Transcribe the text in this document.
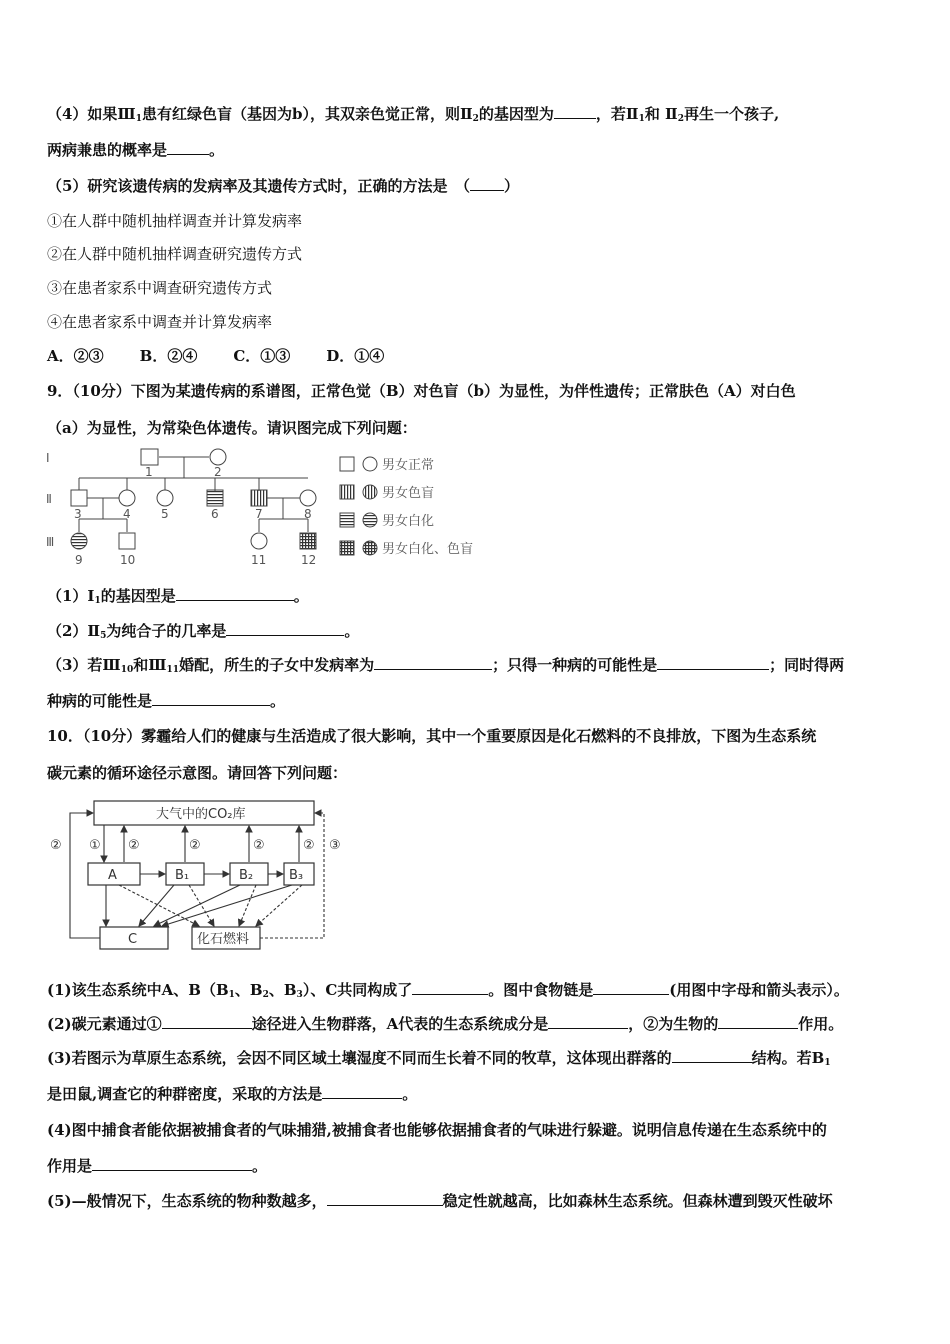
（4）如果$Ⅲ_1$患有红绿色盲（基因为b），其双亲色觉正常，则$Ⅱ_2$的基因型为	，若$Ⅱ_1$和 $Ⅱ_2$再生一个孩子,
两病兼患的概率是	。
（5）研究该遗传病的发病率及其遗传方式时，正确的方法是　（ ）
①在人群中随机抽样调查并计算发病率
②在人群中随机抽样调查研究遗传方式
③在患者家系中调查研究遗传方式
④在患者家系中调查并计算发病率
A．②③ B．②④ C．①③ D．①④
9．（10分）下图为某遗传病的系谱图，正常色觉（B）对色盲（b）为显性，为伴性遗传；正常肤色（A）对白色
（a）为显性，为常染色体遗传。请识图完成下列问题：
Ⅰ
Ⅱ
Ⅲ
1	2
3	4	5	6	7	8
9	10	11	12
男女正常
男女色盲
男女白化
男女白化、色盲
$(1)Ⅰ_1$的基因型是	。
$(2)Ⅱ_5$为纯合子的几率是	。
（3）若$Ⅲ_{10}$和$Ⅲ_{11}$婚配，所生的子女中发病率为	；只得一种病的可能性是	；同时得两
种病的可能性是	。
10．（10分）雾霾给人们的健康与生活造成了很大影响，其中一个重要原因是化石燃料的不良排放，下图为生态系统
碳元素的循环途径示意图。请回答下列问题：
大气中的CO₂库
A	B₁	B₂	B₃
C	化石燃料
② ① ②	②	②	② ③
(1)该生态系统中A、$B(B_1$、$B_2$、$B_3$）、C共同构成了	。图中食物链是	(用图中字母和箭头表示）。
(2)碳元素通过①	途径进入生物群落，A代表的生态系统成分是	，②为生物的	作用。
(3)若图示为草原生态系统，会因不同区域土壤湿度不同而生长着不同的牧草，这体现出群落的	结构。若$B_1$
是田鼠,调查它的种群密度，采取的方法是	。
(4)图中捕食者能依据被捕食者的气味捕猎,被捕食者也能够依据捕食者的气味进行躲避。说明信息传递在生态系统中的
作用是	。
(5)—般情况下，生态系统的物种数越多，	稳定性就越高，比如森林生态系统。但森林遭到毁灭性破坏
